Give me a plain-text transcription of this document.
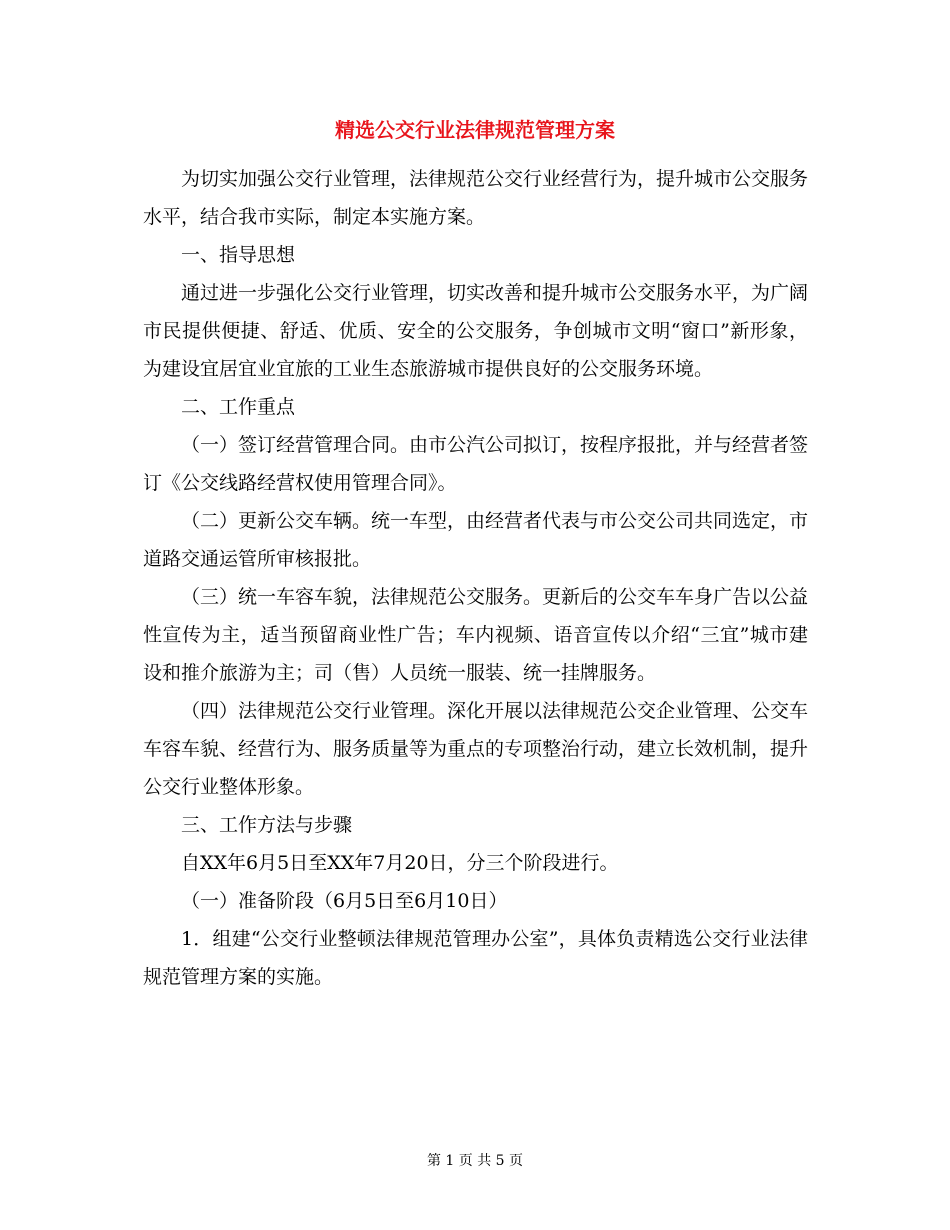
精选公交行业法律规范管理方案

为切实加强公交行业管理，法律规范公交行业经营行为，提升城市公交服务水平，结合我市实际，制定本实施方案。

一、指导思想

通过进一步强化公交行业管理，切实改善和提升城市公交服务水平，为广阔市民提供便捷、舒适、优质、安全的公交服务，争创城市文明“窗口”新形象，为建设宜居宜业宜旅的工业生态旅游城市提供良好的公交服务环境。

二、工作重点

（一）签订经营管理合同。由市公汽公司拟订，按程序报批，并与经营者签订《公交线路经营权使用管理合同》。

（二）更新公交车辆。统一车型，由经营者代表与市公交公司共同选定，市道路交通运管所审核报批。

（三）统一车容车貌，法律规范公交服务。更新后的公交车车身广告以公益性宣传为主，适当预留商业性广告；车内视频、语音宣传以介绍“三宜”城市建设和推介旅游为主；司（售）人员统一服装、统一挂牌服务。

（四）法律规范公交行业管理。深化开展以法律规范公交企业管理、公交车车容车貌、经营行为、服务质量等为重点的专项整治行动，建立长效机制，提升公交行业整体形象。

三、工作方法与步骤

自XX年6月5日至XX年7月20日，分三个阶段进行。

（一）准备阶段（6月5日至6月10日）

1．组建“公交行业整顿法律规范管理办公室”，具体负责精选公交行业法律规范管理方案的实施。

第 1 页 共 5 页
